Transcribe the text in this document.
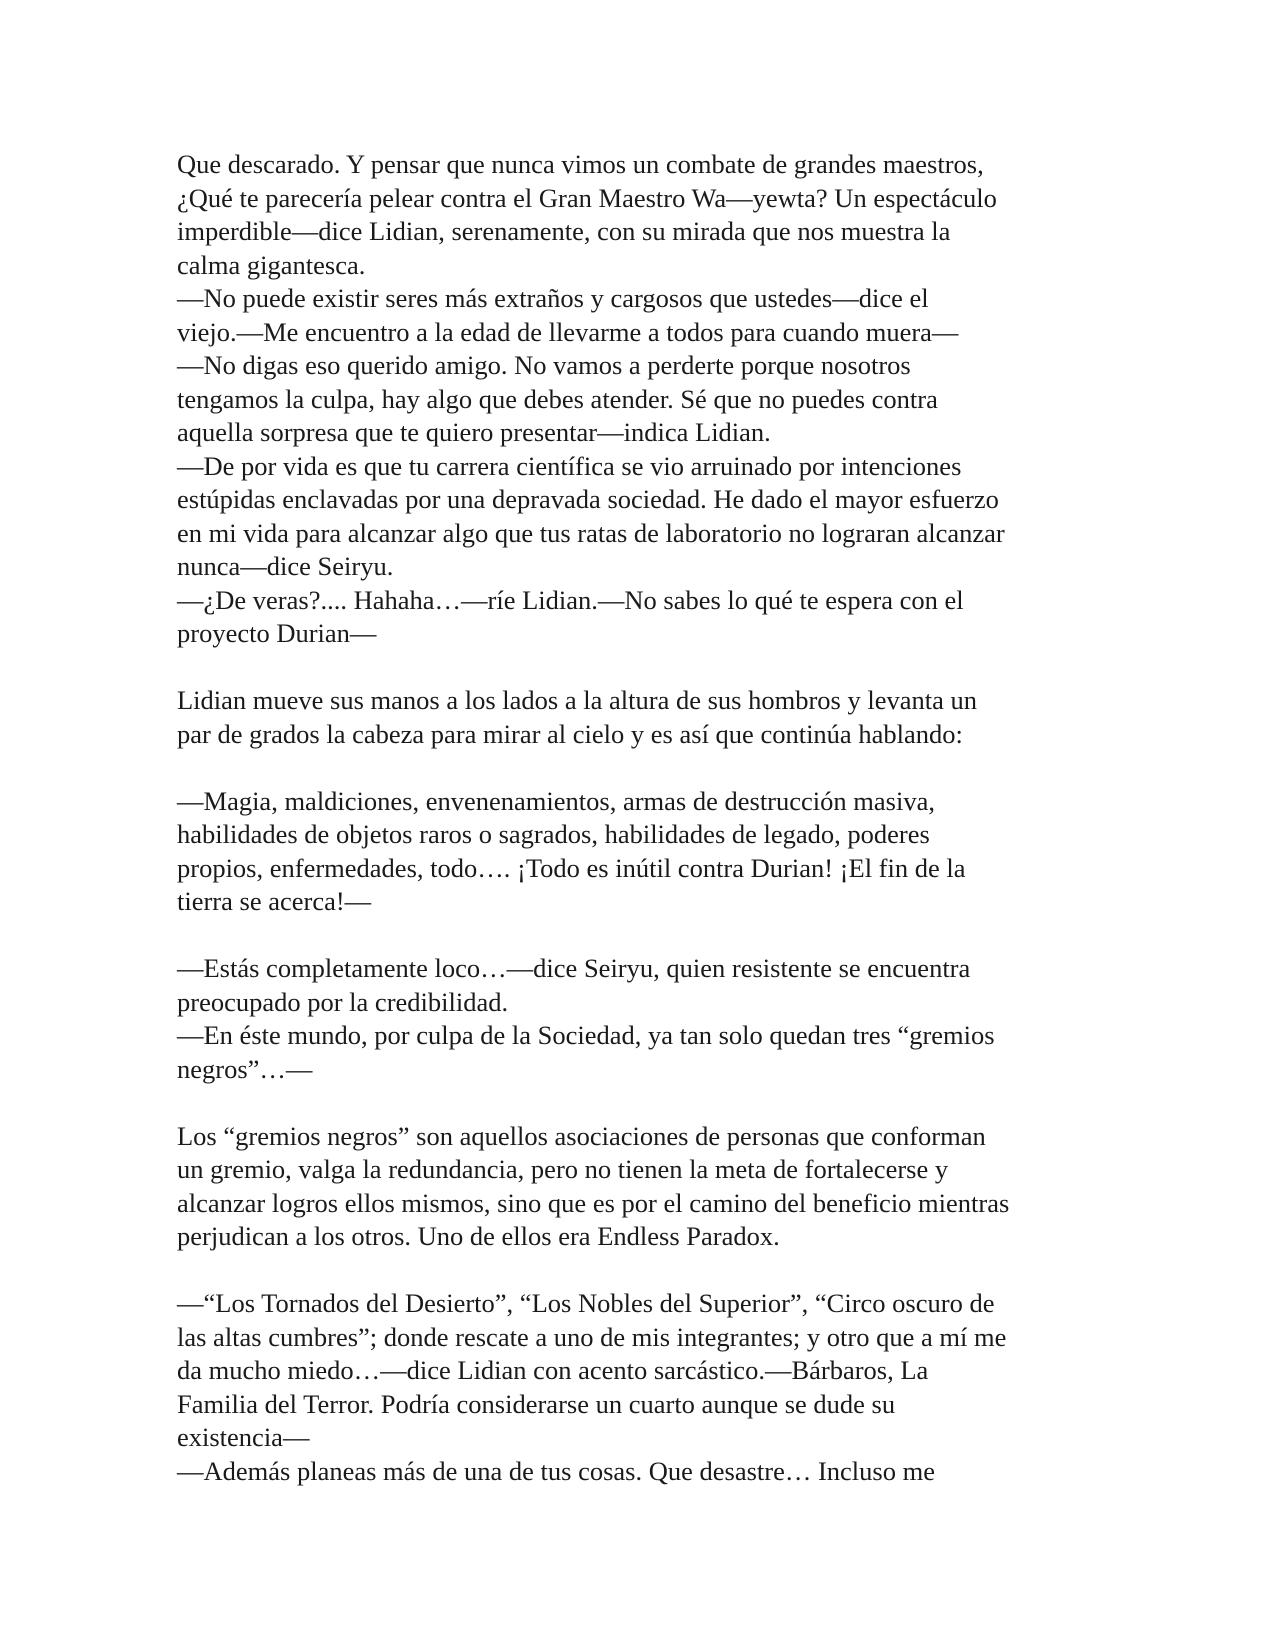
Que descarado. Y pensar que nunca vimos un combate de grandes maestros,
¿Qué te parecería pelear contra el Gran Maestro Wa—yewta? Un espectáculo
imperdible—dice Lidian, serenamente, con su mirada que nos muestra la
calma gigantesca.
—No puede existir seres más extraños y cargosos que ustedes—dice el
viejo.—Me encuentro a la edad de llevarme a todos para cuando muera—
—No digas eso querido amigo. No vamos a perderte porque nosotros
tengamos la culpa, hay algo que debes atender. Sé que no puedes contra
aquella sorpresa que te quiero presentar—indica Lidian.
—De por vida es que tu carrera científica se vio arruinado por intenciones
estúpidas enclavadas por una depravada sociedad. He dado el mayor esfuerzo
en mi vida para alcanzar algo que tus ratas de laboratorio no lograran alcanzar
nunca—dice Seiryu.
—¿De veras?.... Hahaha…—ríe Lidian.—No sabes lo qué te espera con el
proyecto Durian—
Lidian mueve sus manos a los lados a la altura de sus hombros y levanta un
par de grados la cabeza para mirar al cielo y es así que continúa hablando:
—Magia, maldiciones, envenenamientos, armas de destrucción masiva,
habilidades de objetos raros o sagrados, habilidades de legado, poderes
propios, enfermedades, todo…. ¡Todo es inútil contra Durian! ¡El fin de la
tierra se acerca!—
—Estás completamente loco…—dice Seiryu, quien resistente se encuentra
preocupado por la credibilidad.
—En éste mundo, por culpa de la Sociedad, ya tan solo quedan tres “gremios
negros”…—
Los “gremios negros” son aquellos asociaciones de personas que conforman
un gremio, valga la redundancia, pero no tienen la meta de fortalecerse y
alcanzar logros ellos mismos, sino que es por el camino del beneficio mientras
perjudican a los otros. Uno de ellos era Endless Paradox.
—“Los Tornados del Desierto”, “Los Nobles del Superior”, “Circo oscuro de
las altas cumbres”; donde rescate a uno de mis integrantes; y otro que a mí me
da mucho miedo…—dice Lidian con acento sarcástico.—Bárbaros, La
Familia del Terror. Podría considerarse un cuarto aunque se dude su
existencia—
—Además planeas más de una de tus cosas. Que desastre… Incluso me
